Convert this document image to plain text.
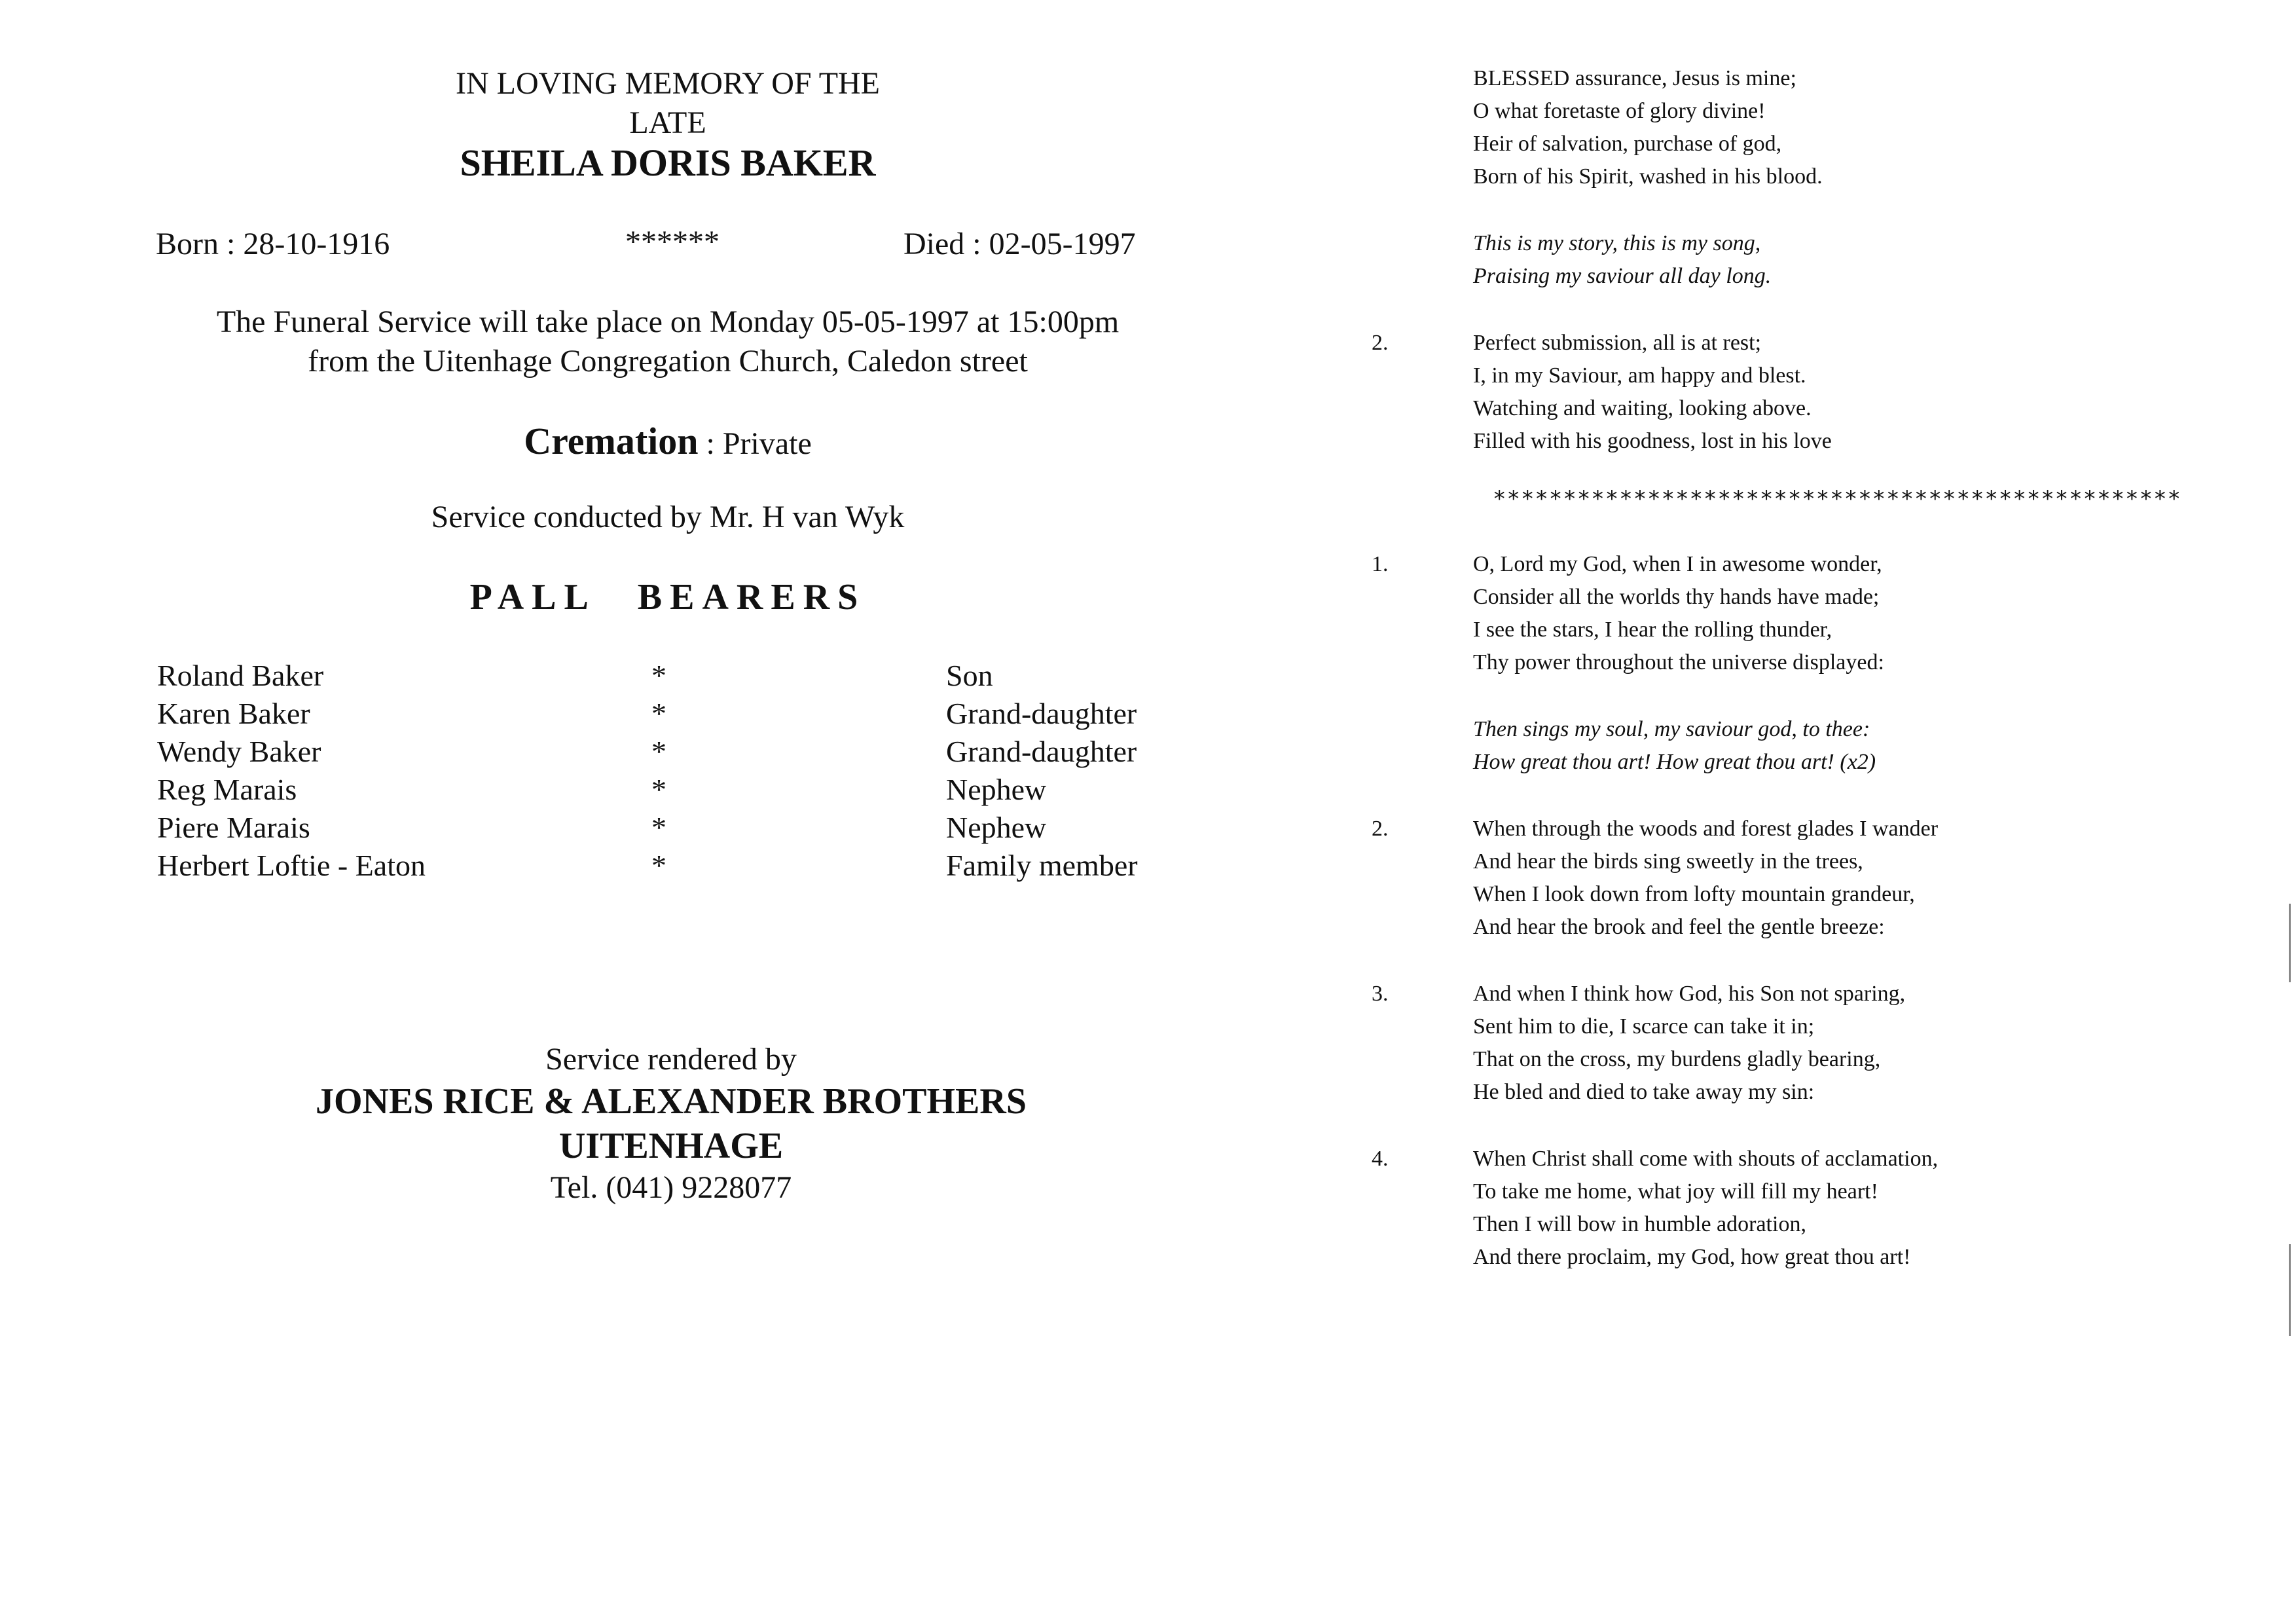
IN LOVING MEMORY OF THE
LATE
SHEILA DORIS BAKER
Born : 28-10-1916	******	Died : 02-05-1997
The Funeral Service will take place on Monday 05-05-1997 at 15:00pm
from the Uitenhage Congregation Church, Caledon street
Cremation : Private
Service conducted by Mr. H van Wyk
PALL BEARERS
Roland Baker	*	Son
Karen Baker	*	Grand-daughter
Wendy Baker	*	Grand-daughter
Reg Marais	*	Nephew
Piere Marais	*	Nephew
Herbert Loftie - Eaton	*	Family member
Service rendered by
JONES RICE & ALEXANDER BROTHERS
UITENHAGE
Tel. (041) 9228077
BLESSED assurance, Jesus is mine;
O what foretaste of glory divine!
Heir of salvation, purchase of god,
Born of his Spirit, washed in his blood.
This is my story, this is my song,
Praising my saviour all day long.
2.	Perfect submission, all is at rest;
I, in my Saviour, am happy and blest.
Watching and waiting, looking above.
Filled with his goodness, lost in his love
*************************************************
1.	O, Lord my God, when I in awesome wonder,
Consider all the worlds thy hands have made;
I see the stars, I hear the rolling thunder,
Thy power throughout the universe displayed:
Then sings my soul, my saviour god, to thee:
How great thou art! How great thou art! (x2)
2.	When through the woods and forest glades I wander
And hear the birds sing sweetly in the trees,
When I look down from lofty mountain grandeur,
And hear the brook and feel the gentle breeze:
3.	And when I think how God, his Son not sparing,
Sent him to die, I scarce can take it in;
That on the cross, my burdens gladly bearing,
He bled and died to take away my sin:
4.	When Christ shall come with shouts of acclamation,
To take me home, what joy will fill my heart!
Then I will bow in humble adoration,
And there proclaim, my God, how great thou art!
